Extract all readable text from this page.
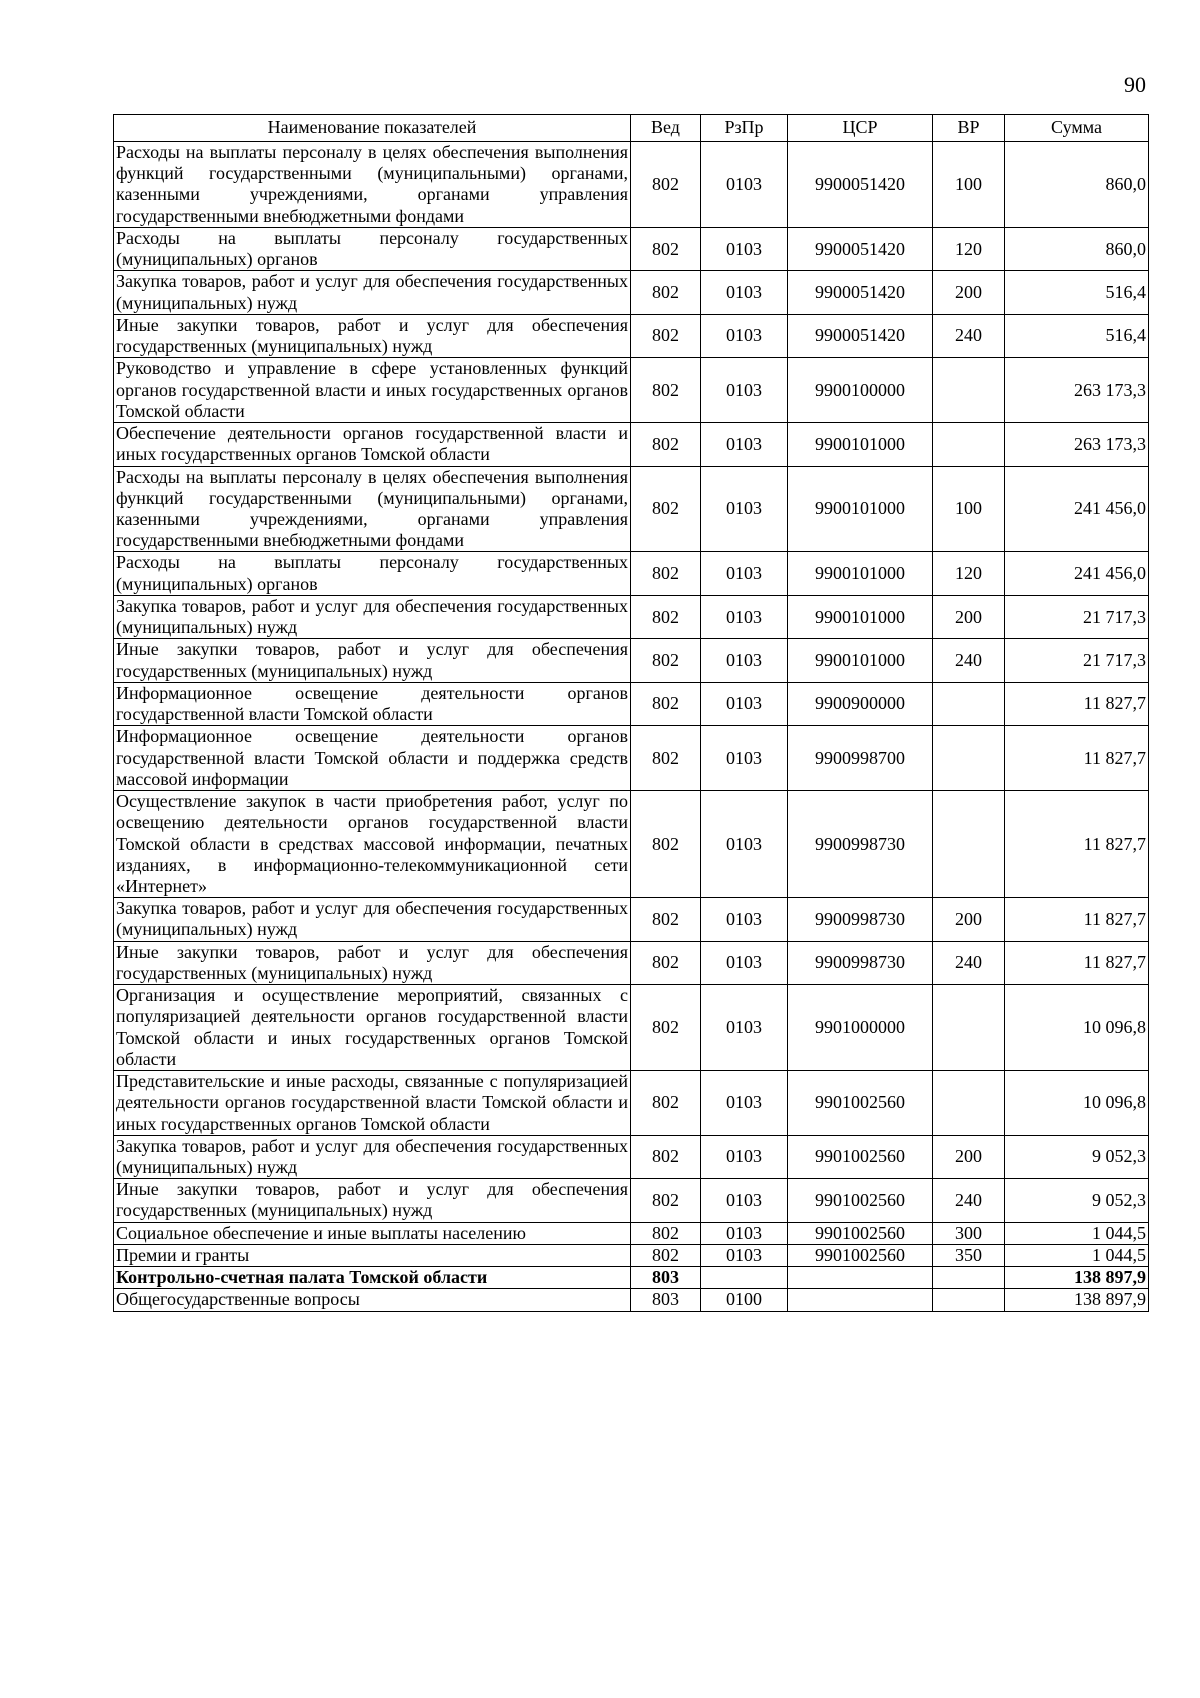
90
Наименование показателей	Вед	РзПр	ЦСР	ВР	Сумма
Расходы на выплаты персоналу в целях обеспечения выполнения функций государственными (муниципальными) органами, казенными учреждениями, органами управления государственными внебюджетными фондами	802	0103	9900051420	100	860,0
Расходы на выплаты персоналу государственных (муниципальных) органов	802	0103	9900051420	120	860,0
Закупка товаров, работ и услуг для обеспечения государственных (муниципальных) нужд	802	0103	9900051420	200	516,4
Иные закупки товаров, работ и услуг для обеспечения государственных (муниципальных) нужд	802	0103	9900051420	240	516,4
Руководство и управление в сфере установленных функций органов государственной власти и иных государственных органов Томской области	802	0103	9900100000		263 173,3
Обеспечение деятельности органов государственной власти и иных государственных органов Томской области	802	0103	9900101000		263 173,3
Расходы на выплаты персоналу в целях обеспечения выполнения функций государственными (муниципальными) органами, казенными учреждениями, органами управления государственными внебюджетными фондами	802	0103	9900101000	100	241 456,0
Расходы на выплаты персоналу государственных (муниципальных) органов	802	0103	9900101000	120	241 456,0
Закупка товаров, работ и услуг для обеспечения государственных (муниципальных) нужд	802	0103	9900101000	200	21 717,3
Иные закупки товаров, работ и услуг для обеспечения государственных (муниципальных) нужд	802	0103	9900101000	240	21 717,3
Информационное освещение деятельности органов государственной власти Томской области	802	0103	9900900000		11 827,7
Информационное освещение деятельности органов государственной власти Томской области и поддержка средств массовой информации	802	0103	9900998700		11 827,7
Осуществление закупок в части приобретения работ, услуг по освещению деятельности органов государственной власти Томской области в средствах массовой информации, печатных изданиях, в информационно-телекоммуникационной сети «Интернет»	802	0103	9900998730		11 827,7
Закупка товаров, работ и услуг для обеспечения государственных (муниципальных) нужд	802	0103	9900998730	200	11 827,7
Иные закупки товаров, работ и услуг для обеспечения государственных (муниципальных) нужд	802	0103	9900998730	240	11 827,7
Организация и осуществление мероприятий, связанных с популяризацией деятельности органов государственной власти Томской области и иных государственных органов Томской области	802	0103	9901000000		10 096,8
Представительские и иные расходы, связанные с популяризацией деятельности органов государственной власти Томской области и иных государственных органов Томской области	802	0103	9901002560		10 096,8
Закупка товаров, работ и услуг для обеспечения государственных (муниципальных) нужд	802	0103	9901002560	200	9 052,3
Иные закупки товаров, работ и услуг для обеспечения государственных (муниципальных) нужд	802	0103	9901002560	240	9 052,3
Социальное обеспечение и иные выплаты населению	802	0103	9901002560	300	1 044,5
Премии и гранты	802	0103	9901002560	350	1 044,5
Контрольно-счетная палата Томской области	803				138 897,9
Общегосударственные вопросы	803	0100			138 897,9
